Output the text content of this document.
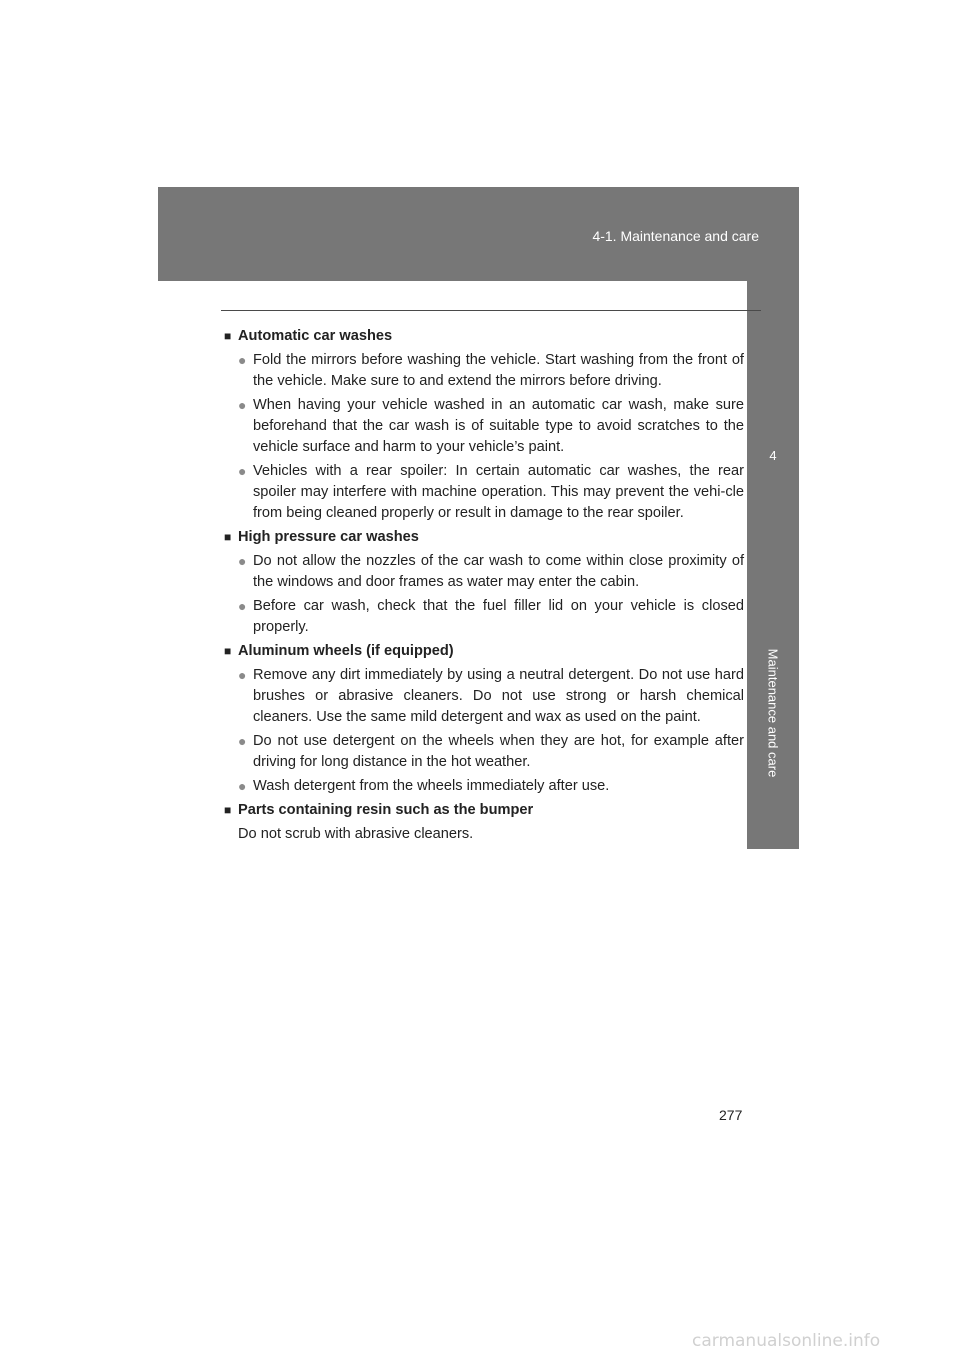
4-1. Maintenance and care
4
Maintenance and care
■ Automatic car washes
● Fold the mirrors before washing the vehicle. Start washing from the front of the vehicle. Make sure to and extend the mirrors before driving.
● When having your vehicle washed in an automatic car wash, make sure beforehand that the car wash is of suitable type to avoid scratches to the vehicle surface and harm to your vehicle’s paint.
● Vehicles with a rear spoiler: In certain automatic car washes, the rear spoiler may interfere with machine operation. This may prevent the vehi-cle from being cleaned properly or result in damage to the rear spoiler.
■ High pressure car washes
● Do not allow the nozzles of the car wash to come within close proximity of the windows and door frames as water may enter the cabin.
● Before car wash, check that the fuel filler lid on your vehicle is closed properly.
■ Aluminum wheels (if equipped)
● Remove any dirt immediately by using a neutral detergent. Do not use hard brushes or abrasive cleaners. Do not use strong or harsh chemical cleaners. Use the same mild detergent and wax as used on the paint.
● Do not use detergent on the wheels when they are hot, for example after driving for long distance in the hot weather.
● Wash detergent from the wheels immediately after use.
■ Parts containing resin such as the bumper
Do not scrub with abrasive cleaners.
277
carmanualsonline.info
